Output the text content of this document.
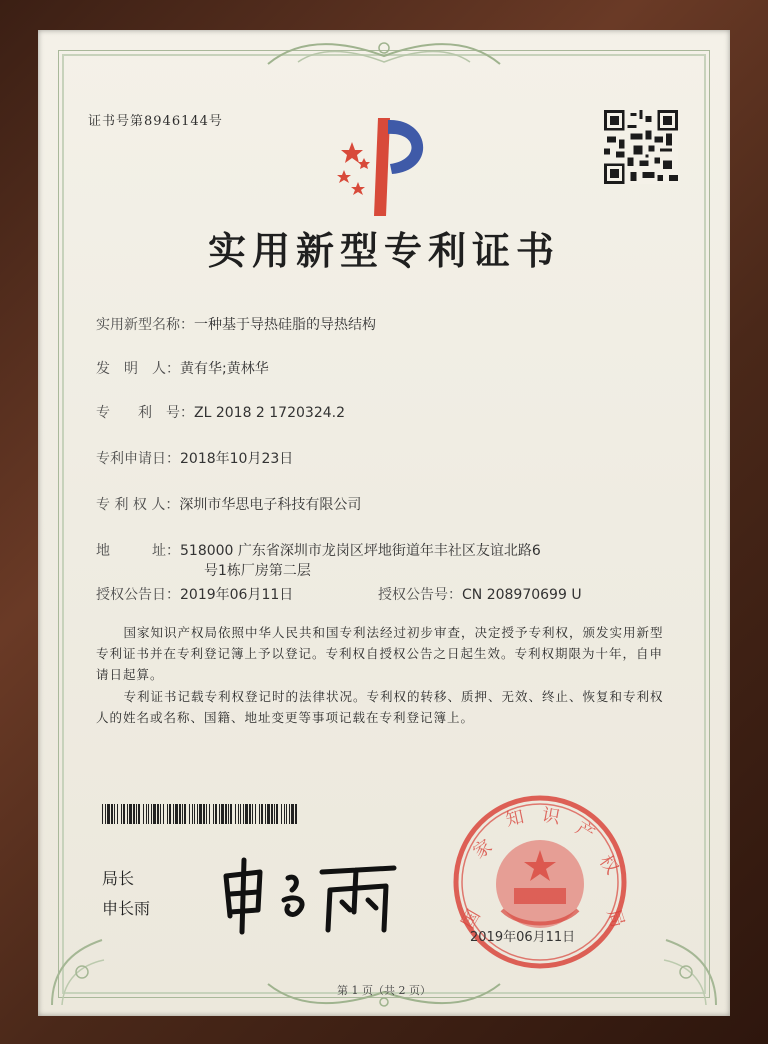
证书号第8946144号
实用新型专利证书
实用新型名称：一种基于导热硅脂的导热结构
发　明　人：黄有华;黄林华
专　　利　号：ZL 2018 2 1720324.2
专利申请日：2018年10月23日
专 利 权 人：深圳市华思电子科技有限公司
地　　　址：518000 广东省深圳市龙岗区坪地街道年丰社区友谊北路6
号1栋厂房第二层
授权公告日：2019年06月11日	授权公告号：CN 208970699 U
国家知识产权局依照中华人民共和国专利法经过初步审查，决定授予专利权，颁发实用新型专利证书并在专利登记簿上予以登记。专利权自授权公告之日起生效。专利权期限为十年，自申请日起算。
专利证书记载专利权登记时的法律状况。专利权的转移、质押、无效、终止、恢复和专利权人的姓名或名称、国籍、地址变更等事项记载在专利登记簿上。
局长
申长雨	国
家
知 识
产
权
局
2019年06月11日
第 1 页（共 2 页）
